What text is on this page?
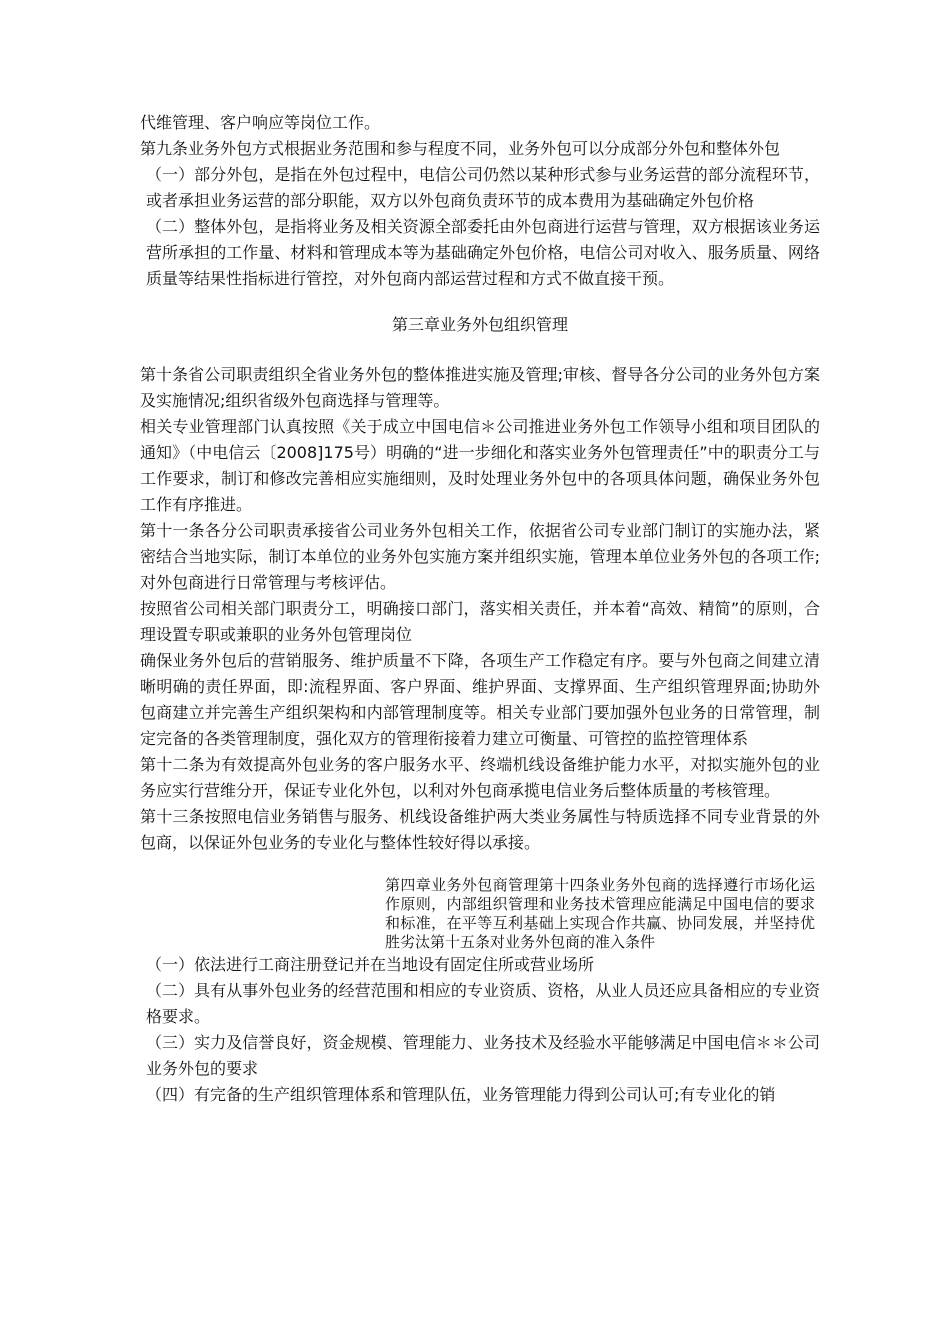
代维管理、客户响应等岗位工作。

第九条业务外包方式根据业务范围和参与程度不同，业务外包可以分成部分外包和整体外包

（一）部分外包，是指在外包过程中，电信公司仍然以某种形式参与业务运营的部分流程环节，或者承担业务运营的部分职能，双方以外包商负责环节的成本费用为基础确定外包价格

（二）整体外包，是指将业务及相关资源全部委托由外包商进行运营与管理，双方根据该业务运营所承担的工作量、材料和管理成本等为基础确定外包价格，电信公司对收入、服务质量、网络质量等结果性指标进行管控，对外包商内部运营过程和方式不做直接干预。

第三章业务外包组织管理

第十条省公司职责组织全省业务外包的整体推进实施及管理;审核、督导各分公司的业务外包方案及实施情况;组织省级外包商选择与管理等。

相关专业管理部门认真按照《关于成立中国电信＊公司推进业务外包工作领导小组和项目团队的通知》（中电信云〔2008]175号）明确的“进一步细化和落实业务外包管理责任”中的职责分工与工作要求，制订和修改完善相应实施细则，及时处理业务外包中的各项具体问题，确保业务外包工作有序推进。

第十一条各分公司职责承接省公司业务外包相关工作，依据省公司专业部门制订的实施办法，紧密结合当地实际，制订本单位的业务外包实施方案并组织实施，管理本单位业务外包的各项工作;对外包商进行日常管理与考核评估。

按照省公司相关部门职责分工，明确接口部门，落实相关责任，并本着“高效、精简”的原则，合理设置专职或兼职的业务外包管理岗位

确保业务外包后的营销服务、维护质量不下降，各项生产工作稳定有序。要与外包商之间建立清晰明确的责任界面，即:流程界面、客户界面、维护界面、支撑界面、生产组织管理界面;协助外包商建立并完善生产组织架构和内部管理制度等。相关专业部门要加强外包业务的日常管理，制定完备的各类管理制度，强化双方的管理衔接着力建立可衡量、可管控的监控管理体系

第十二条为有效提高外包业务的客户服务水平、终端机线设备维护能力水平，对拟实施外包的业务应实行营维分开，保证专业化外包，以利对外包商承揽电信业务后整体质量的考核管理。

第十三条按照电信业务销售与服务、机线设备维护两大类业务属性与特质选择不同专业背景的外包商，以保证外包业务的专业化与整体性较好得以承接。

第四章业务外包商管理第十四条业务外包商的选择遵行市场化运作原则，内部组织管理和业务技术管理应能满足中国电信的要求和标准，在平等互利基础上实现合作共赢、协同发展，并坚持优胜劣汰第十五条对业务外包商的准入条件

（一）依法进行工商注册登记并在当地设有固定住所或营业场所

（二）具有从事外包业务的经营范围和相应的专业资质、资格，从业人员还应具备相应的专业资格要求。

（三）实力及信誉良好，资金规模、管理能力、业务技术及经验水平能够满足中国电信＊＊公司业务外包的要求

（四）有完备的生产组织管理体系和管理队伍，业务管理能力得到公司认可;有专业化的销
